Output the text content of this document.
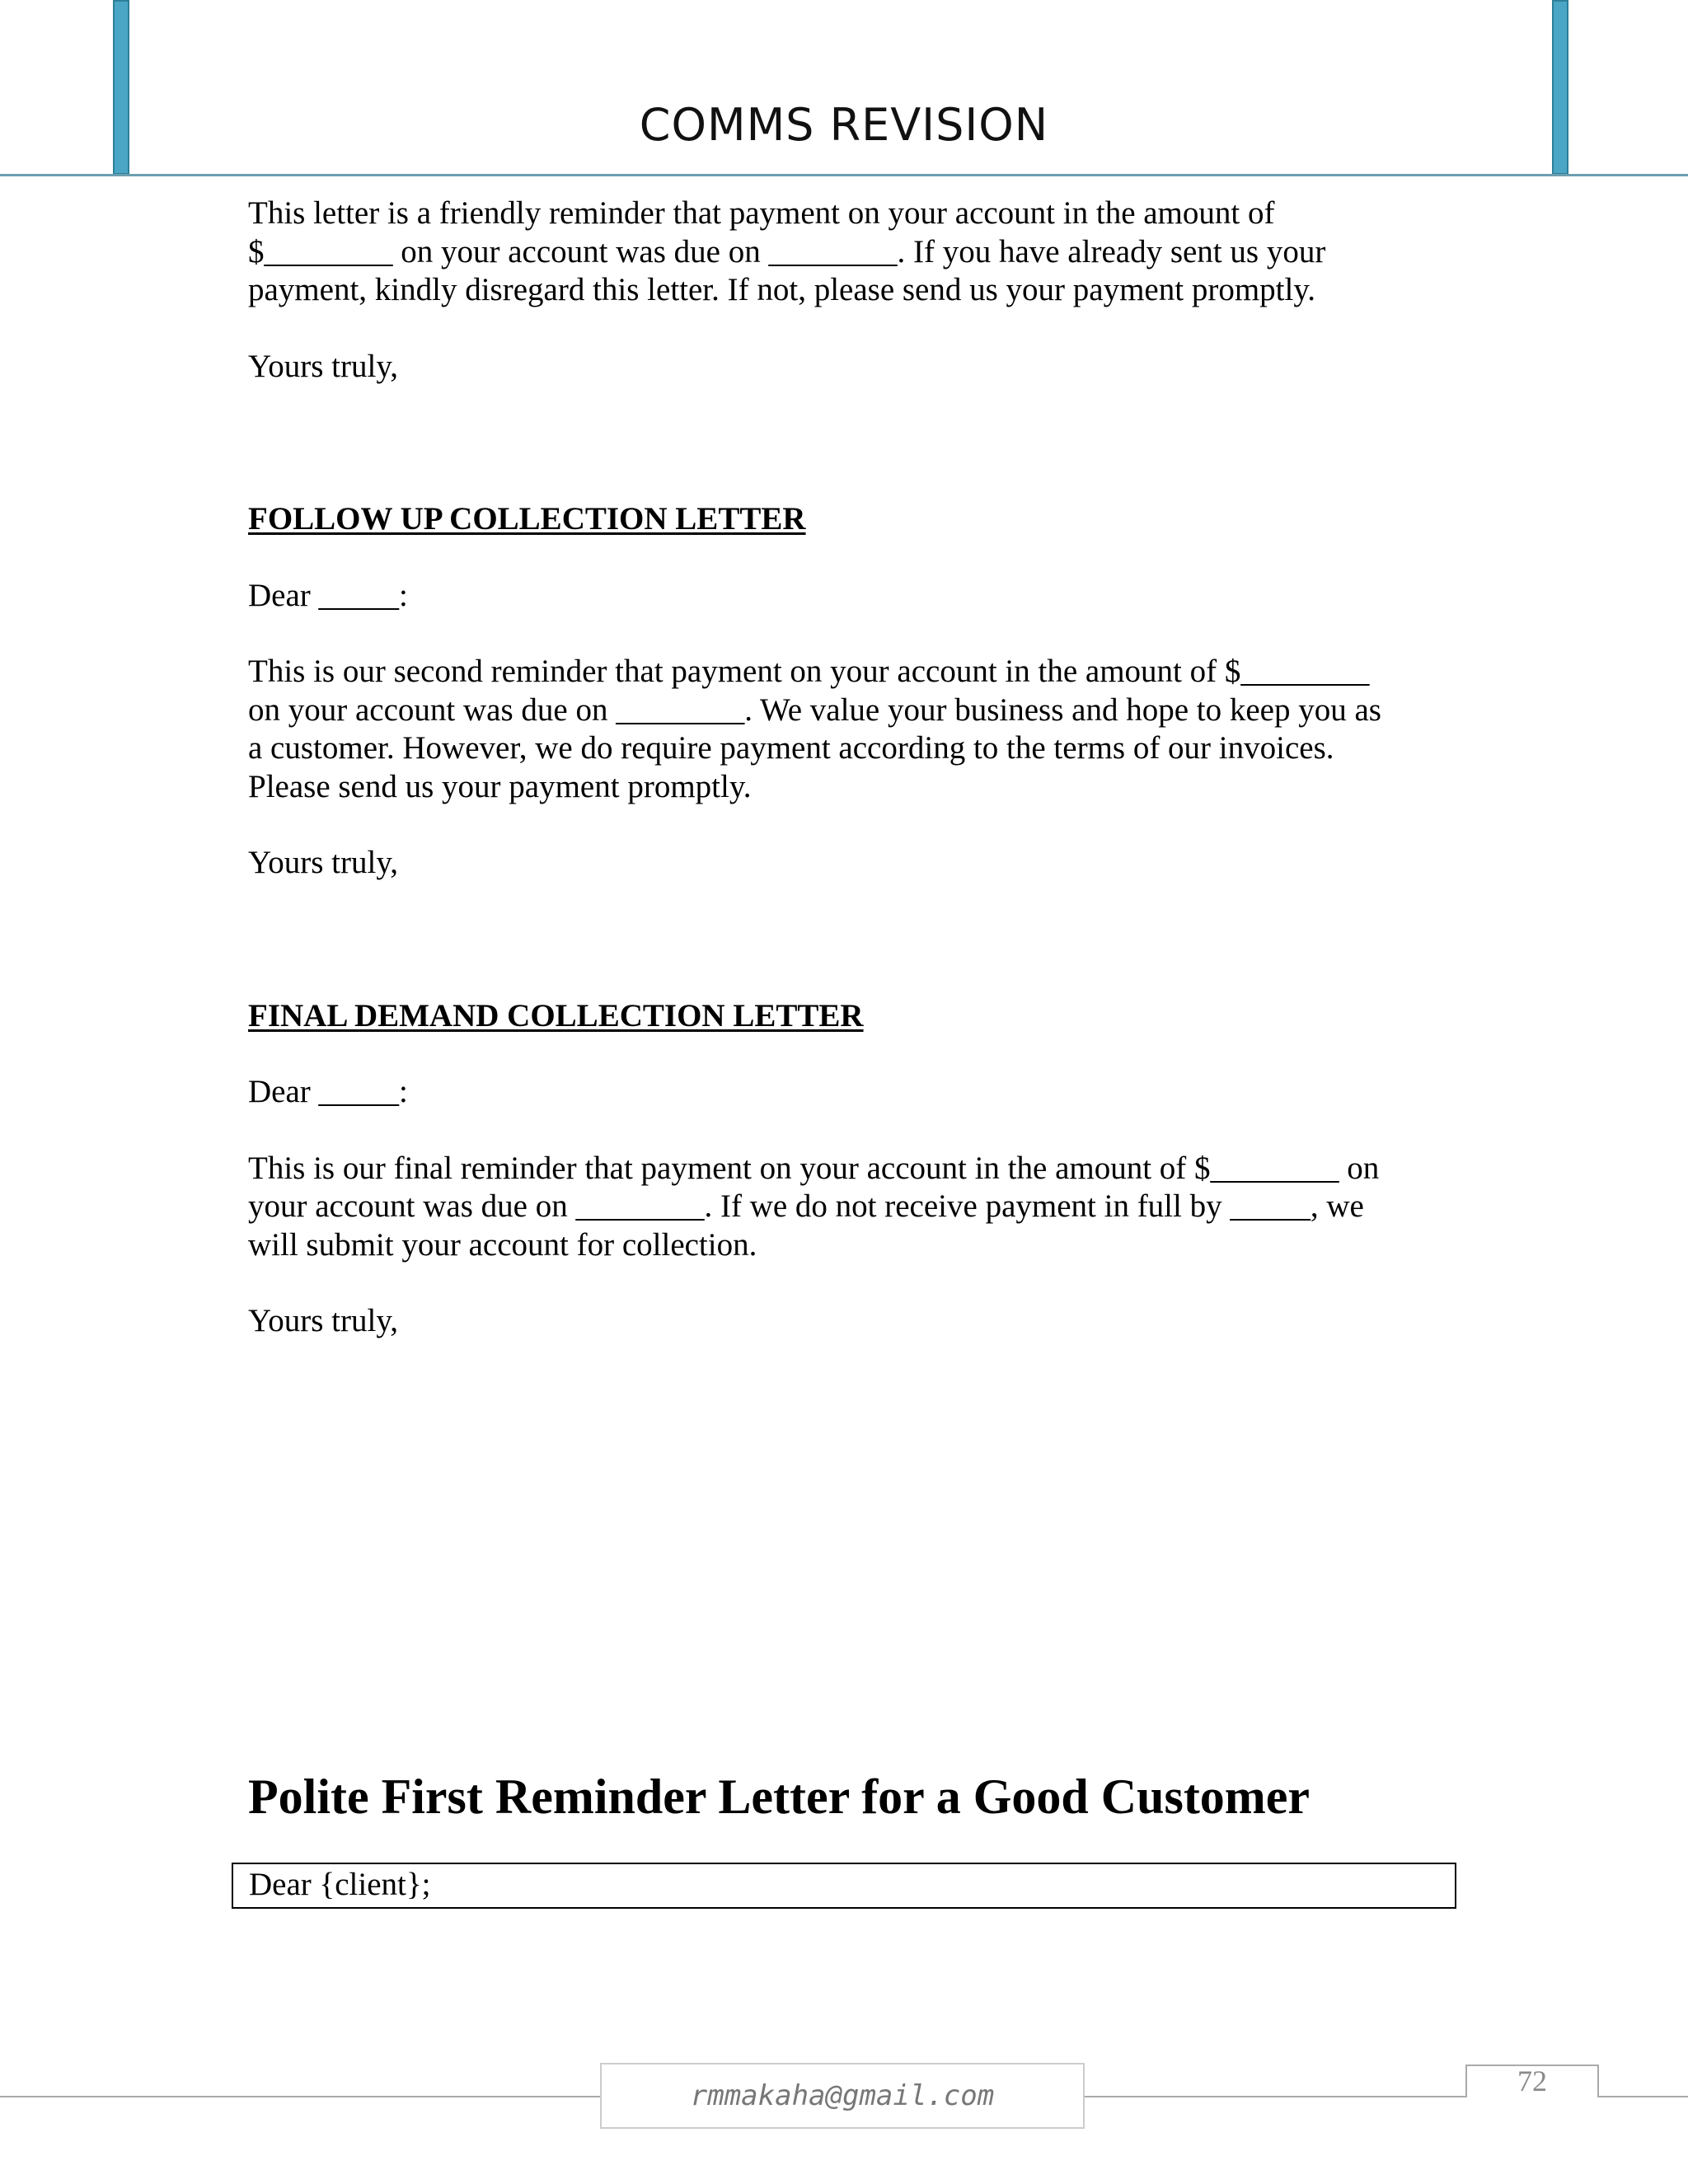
COMMS REVISION

This letter is a friendly reminder that payment on your account in the amount of
$________ on your account was due on ________. If you have already sent us your
payment, kindly disregard this letter. If not, please send us your payment promptly.

Yours truly,

FOLLOW UP COLLECTION LETTER

Dear _____:

This is our second reminder that payment on your account in the amount of $________
on your account was due on ________. We value your business and hope to keep you as
a customer. However, we do require payment according to the terms of our invoices.
Please send us your payment promptly.

Yours truly,

FINAL DEMAND COLLECTION LETTER

Dear _____:

This is our final reminder that payment on your account in the amount of $________ on
your account was due on ________. If we do not receive payment in full by _____, we
will submit your account for collection.

Yours truly,

Polite First Reminder Letter for a Good Customer
Dear {client};
rmmakaha@gmail.com	72
